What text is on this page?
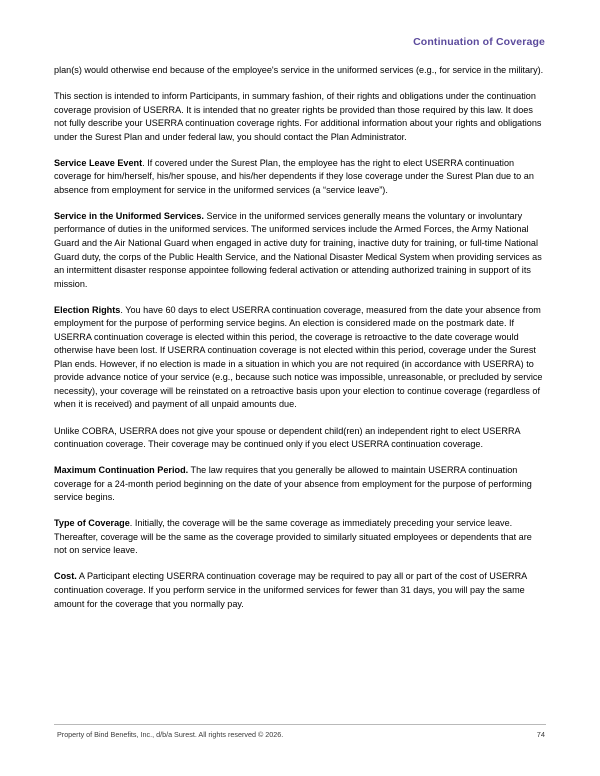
Continuation of Coverage

plan(s) would otherwise end because of the employee's service in the uniformed services (e.g., for service in the military).

This section is intended to inform Participants, in summary fashion, of their rights and obligations under the continuation coverage provision of USERRA. It is intended that no greater rights be provided than those required by this law. It does not fully describe your USERRA continuation coverage rights. For additional information about your rights and obligations under the Surest Plan and under federal law, you should contact the Plan Administrator.

Service Leave Event. If covered under the Surest Plan, the employee has the right to elect USERRA continuation coverage for him/herself, his/her spouse, and his/her dependents if they lose coverage under the Surest Plan due to an absence from employment for service in the uniformed services (a “service leave”).

Service in the Uniformed Services. Service in the uniformed services generally means the voluntary or involuntary performance of duties in the uniformed services. The uniformed services include the Armed Forces, the Army National Guard and the Air National Guard when engaged in active duty for training, inactive duty for training, or full-time National Guard duty, the corps of the Public Health Service, and the National Disaster Medical System when providing services as an intermittent disaster response appointee following federal activation or attending authorized training in support of its mission.

Election Rights. You have 60 days to elect USERRA continuation coverage, measured from the date your absence from employment for the purpose of performing service begins. An election is considered made on the postmark date. If USERRA continuation coverage is elected within this period, the coverage is retroactive to the date coverage would otherwise have been lost. If USERRA continuation coverage is not elected within this period, coverage under the Surest Plan ends. However, if no election is made in a situation in which you are not required (in accordance with USERRA) to provide advance notice of your service (e.g., because such notice was impossible, unreasonable, or precluded by service necessity), your coverage will be reinstated on a retroactive basis upon your election to continue coverage (regardless of when it is received) and payment of all unpaid amounts due.

Unlike COBRA, USERRA does not give your spouse or dependent child(ren) an independent right to elect USERRA continuation coverage. Their coverage may be continued only if you elect USERRA continuation coverage.

Maximum Continuation Period. The law requires that you generally be allowed to maintain USERRA continuation coverage for a 24-month period beginning on the date of your absence from employment for the purpose of performing service begins.

Type of Coverage. Initially, the coverage will be the same coverage as immediately preceding your service leave. Thereafter, coverage will be the same as the coverage provided to similarly situated employees or dependents that are not on service leave.

Cost. A Participant electing USERRA continuation coverage may be required to pay all or part of the cost of USERRA continuation coverage. If you perform service in the uniformed services for fewer than 31 days, you will pay the same amount for the coverage that you normally pay.

Property of Bind Benefits, Inc., d/b/a Surest. All rights reserved © 2026.	74
